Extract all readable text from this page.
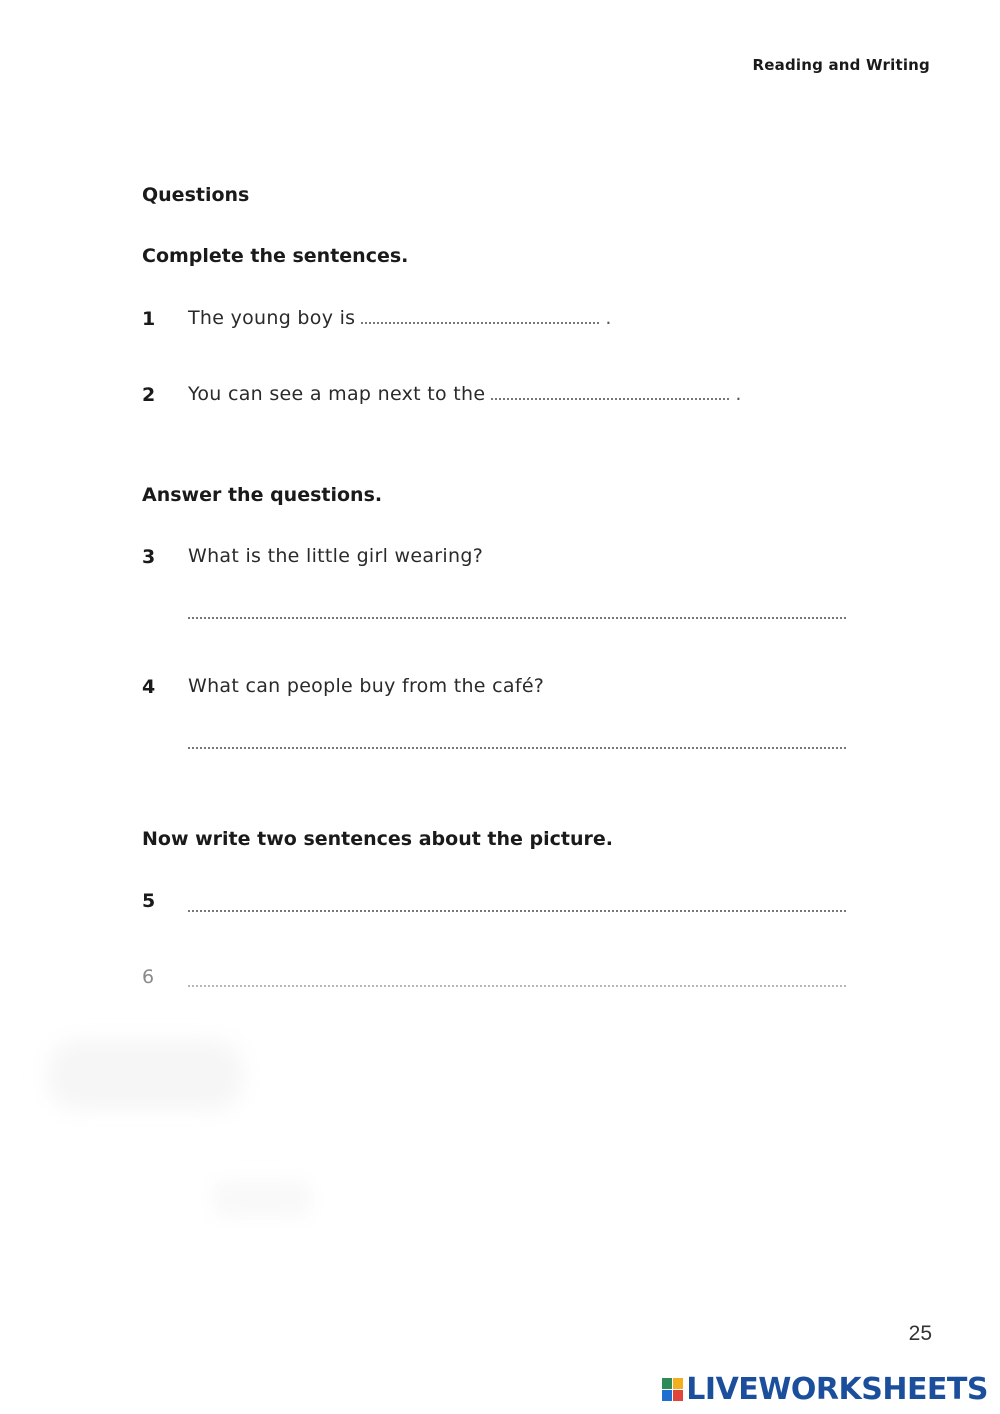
Reading and Writing
Questions
Complete the sentences.
1 The young boy is	.
2 You can see a map next to the	.
Answer the questions.
3 What is the little girl wearing?
4 What can people buy from the café?
Now write two sentences about the picture.
5
6
25
LIVEWORKSHEETS
